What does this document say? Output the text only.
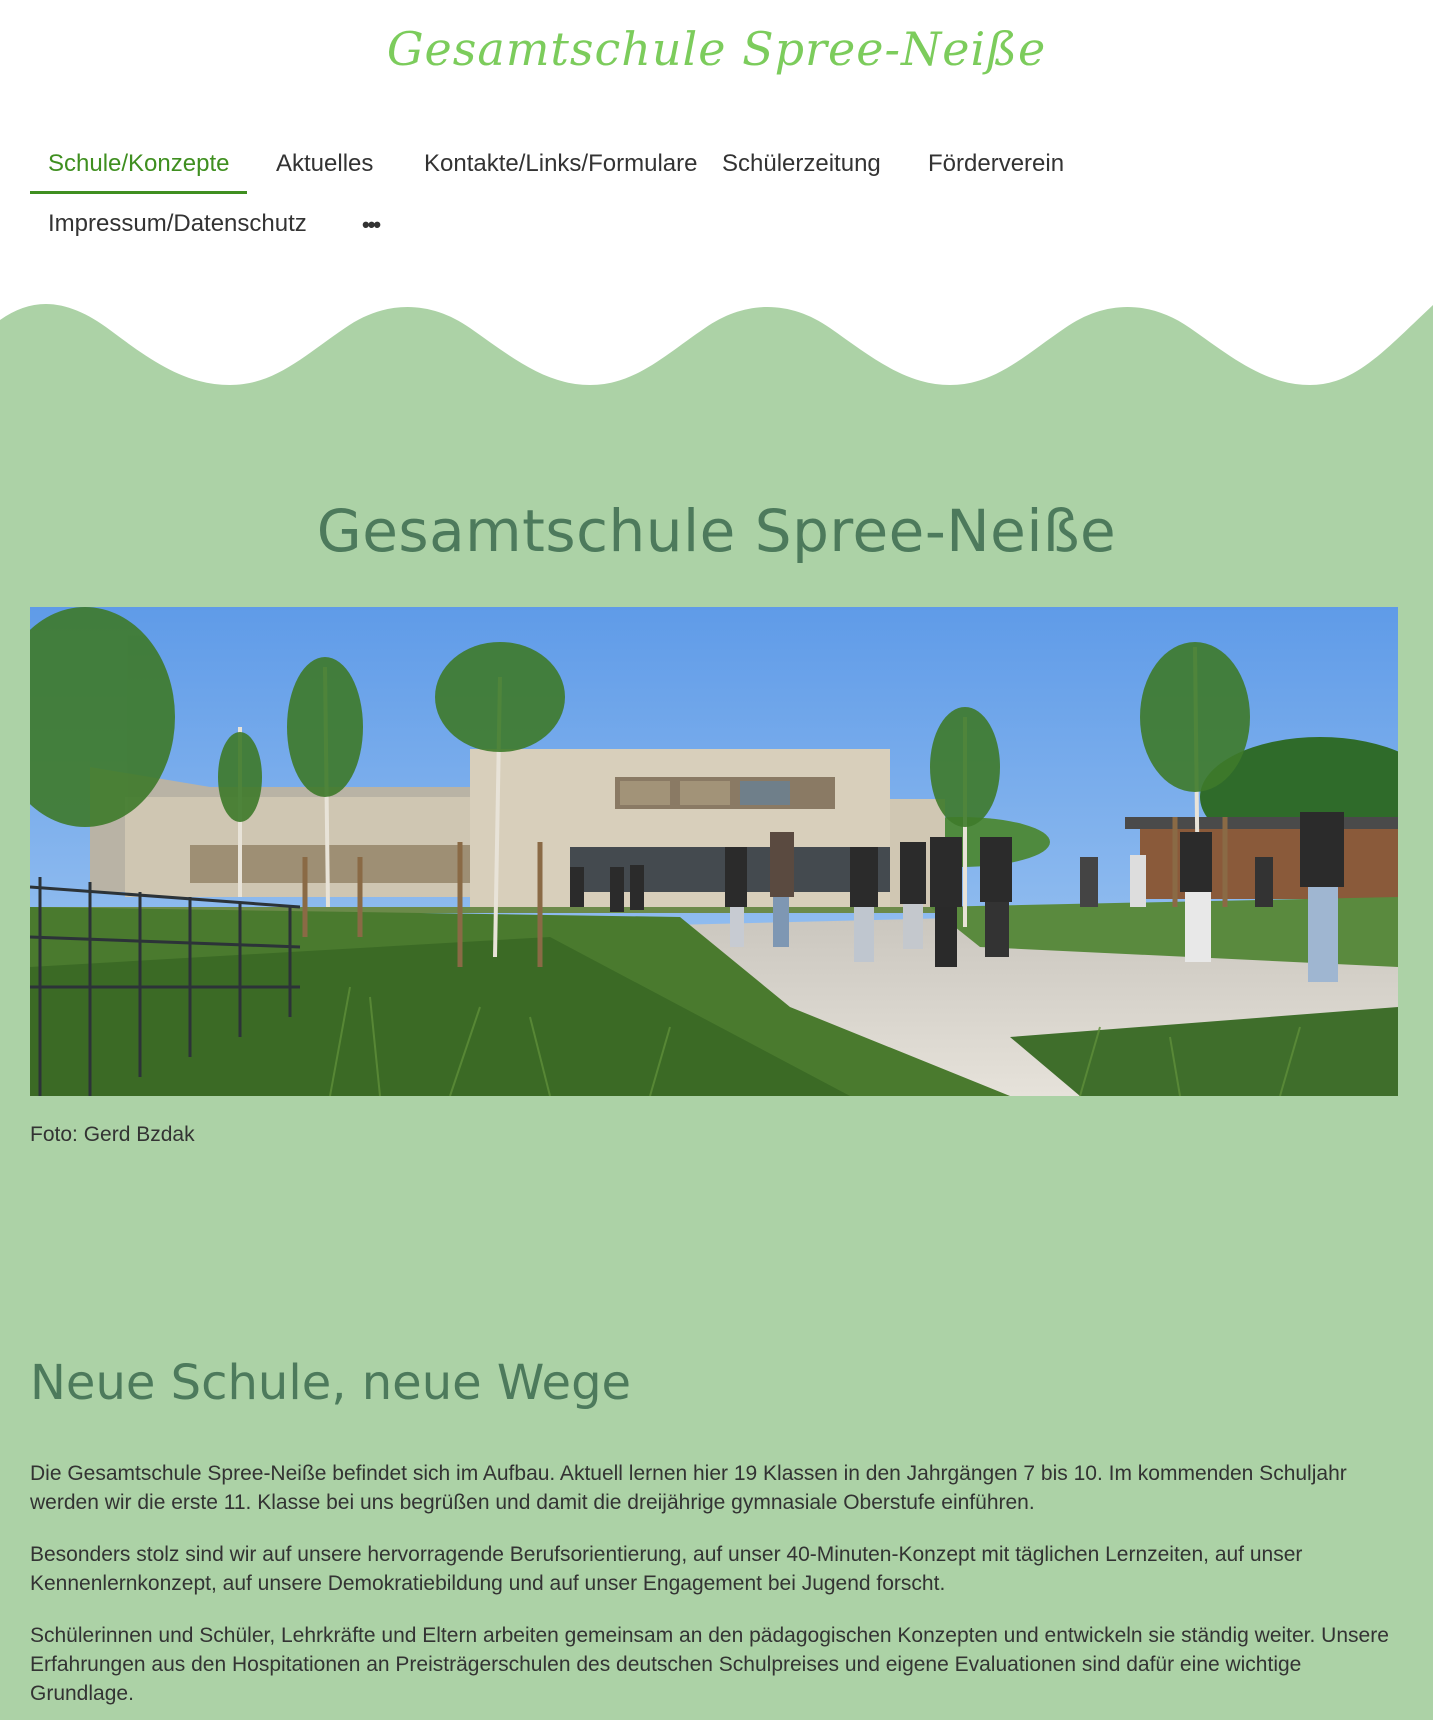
Gesamtschule Spree-Neiße
Schule/Konzepte	Aktuelles	Kontakte/Links/Formulare	Schülerzeitung	Förderverein
Impressum/Datenschutz	•••
Gesamtschule Spree-Neiße
Foto: Gerd Bzdak
Neue Schule, neue Wege

Die Gesamtschule Spree-Neiße befindet sich im Aufbau. Aktuell lernen hier 19 Klassen in den Jahrgängen 7 bis 10. Im kommenden Schuljahr werden wir die erste 11. Klasse bei uns begrüßen und damit die dreijährige gymnasiale Oberstufe einführen.

Besonders stolz sind wir auf unsere hervorragende Berufsorientierung, auf unser 40-Minuten-Konzept mit täglichen Lernzeiten, auf unser Kennenlernkonzept, auf unsere Demokratiebildung und auf unser Engagement bei Jugend forscht.

Schülerinnen und Schüler, Lehrkräfte und Eltern arbeiten gemeinsam an den pädagogischen Konzepten und entwickeln sie ständig weiter. Unsere Erfahrungen aus den Hospitationen an Preisträgerschulen des deutschen Schulpreises und eigene Evaluationen sind dafür eine wichtige Grundlage.
